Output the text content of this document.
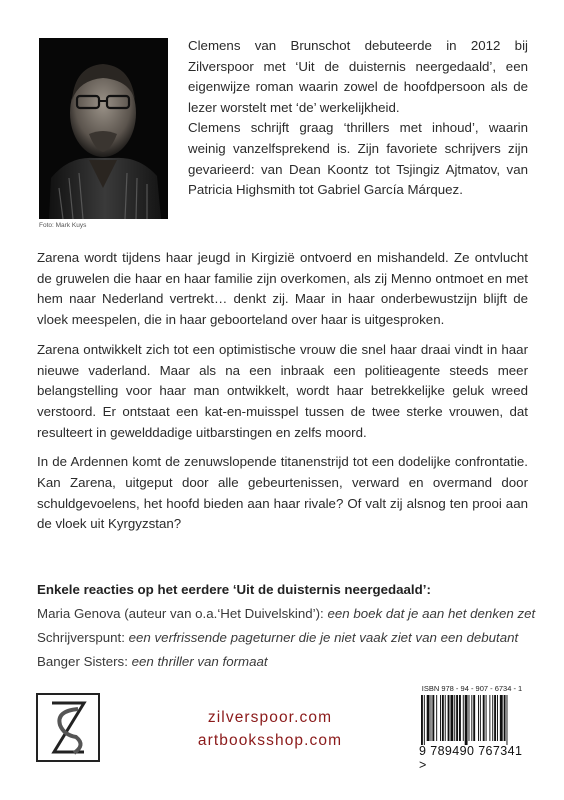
Foto: Mark Kuys

Clemens van Brunschot debuteerde in 2012 bij Zilverspoor met ‘Uit de duisternis neergedaald’, een eigenwijze roman waarin zowel de hoofdpersoon als de lezer worstelt met ‘de’ werkelijkheid.

Clemens schrijft graag ‘thrillers met inhoud’, waarin weinig vanzelfsprekend is. Zijn favoriete schrijvers zijn gevarieerd: van Dean Koontz tot Tsjingiz Ajtmatov, van Patricia Highsmith tot Gabriel García Márquez.

Zarena wordt tijdens haar jeugd in Kirgizië ontvoerd en mishandeld. Ze ontvlucht de gruwelen die haar en haar familie zijn overkomen, als zij Menno ontmoet en met hem naar Nederland vertrekt… denkt zij. Maar in haar onderbewustzijn blijft de vloek meespelen, die in haar geboorteland over haar is uitgesproken.

Zarena ontwikkelt zich tot een optimistische vrouw die snel haar draai vindt in haar nieuwe vaderland. Maar als na een inbraak een politieagente steeds meer belangstelling voor haar man ontwikkelt, wordt haar betrekkelijke geluk wreed verstoord. Er ontstaat een kat-en-muisspel tussen de twee sterke vrouwen, dat resulteert in gewelddadige uitbarstingen en zelfs moord.

In de Ardennen komt de zenuwslopende titanenstrijd tot een dodelijke confrontatie. Kan Zarena, uitgeput door alle gebeurtenissen, verward en overmand door schuldgevoelens, het hoofd bieden aan haar rivale? Of valt zij alsnog ten prooi aan de vloek uit Kyrgyzstan?

Enkele reacties op het eerdere ‘Uit de duisternis neergedaald’:
Maria Genova (auteur van o.a.‘Het Duivelskind’): een boek dat je aan het denken zet
Schrijverspunt: een verfrissende pageturner die je niet vaak ziet van een debutant
Banger Sisters: een thriller van formaat
zilverspoor.com
artbooksshop.com
ISBN 978 - 94 - 907 - 6734 - 1
9 789490 767341 >
